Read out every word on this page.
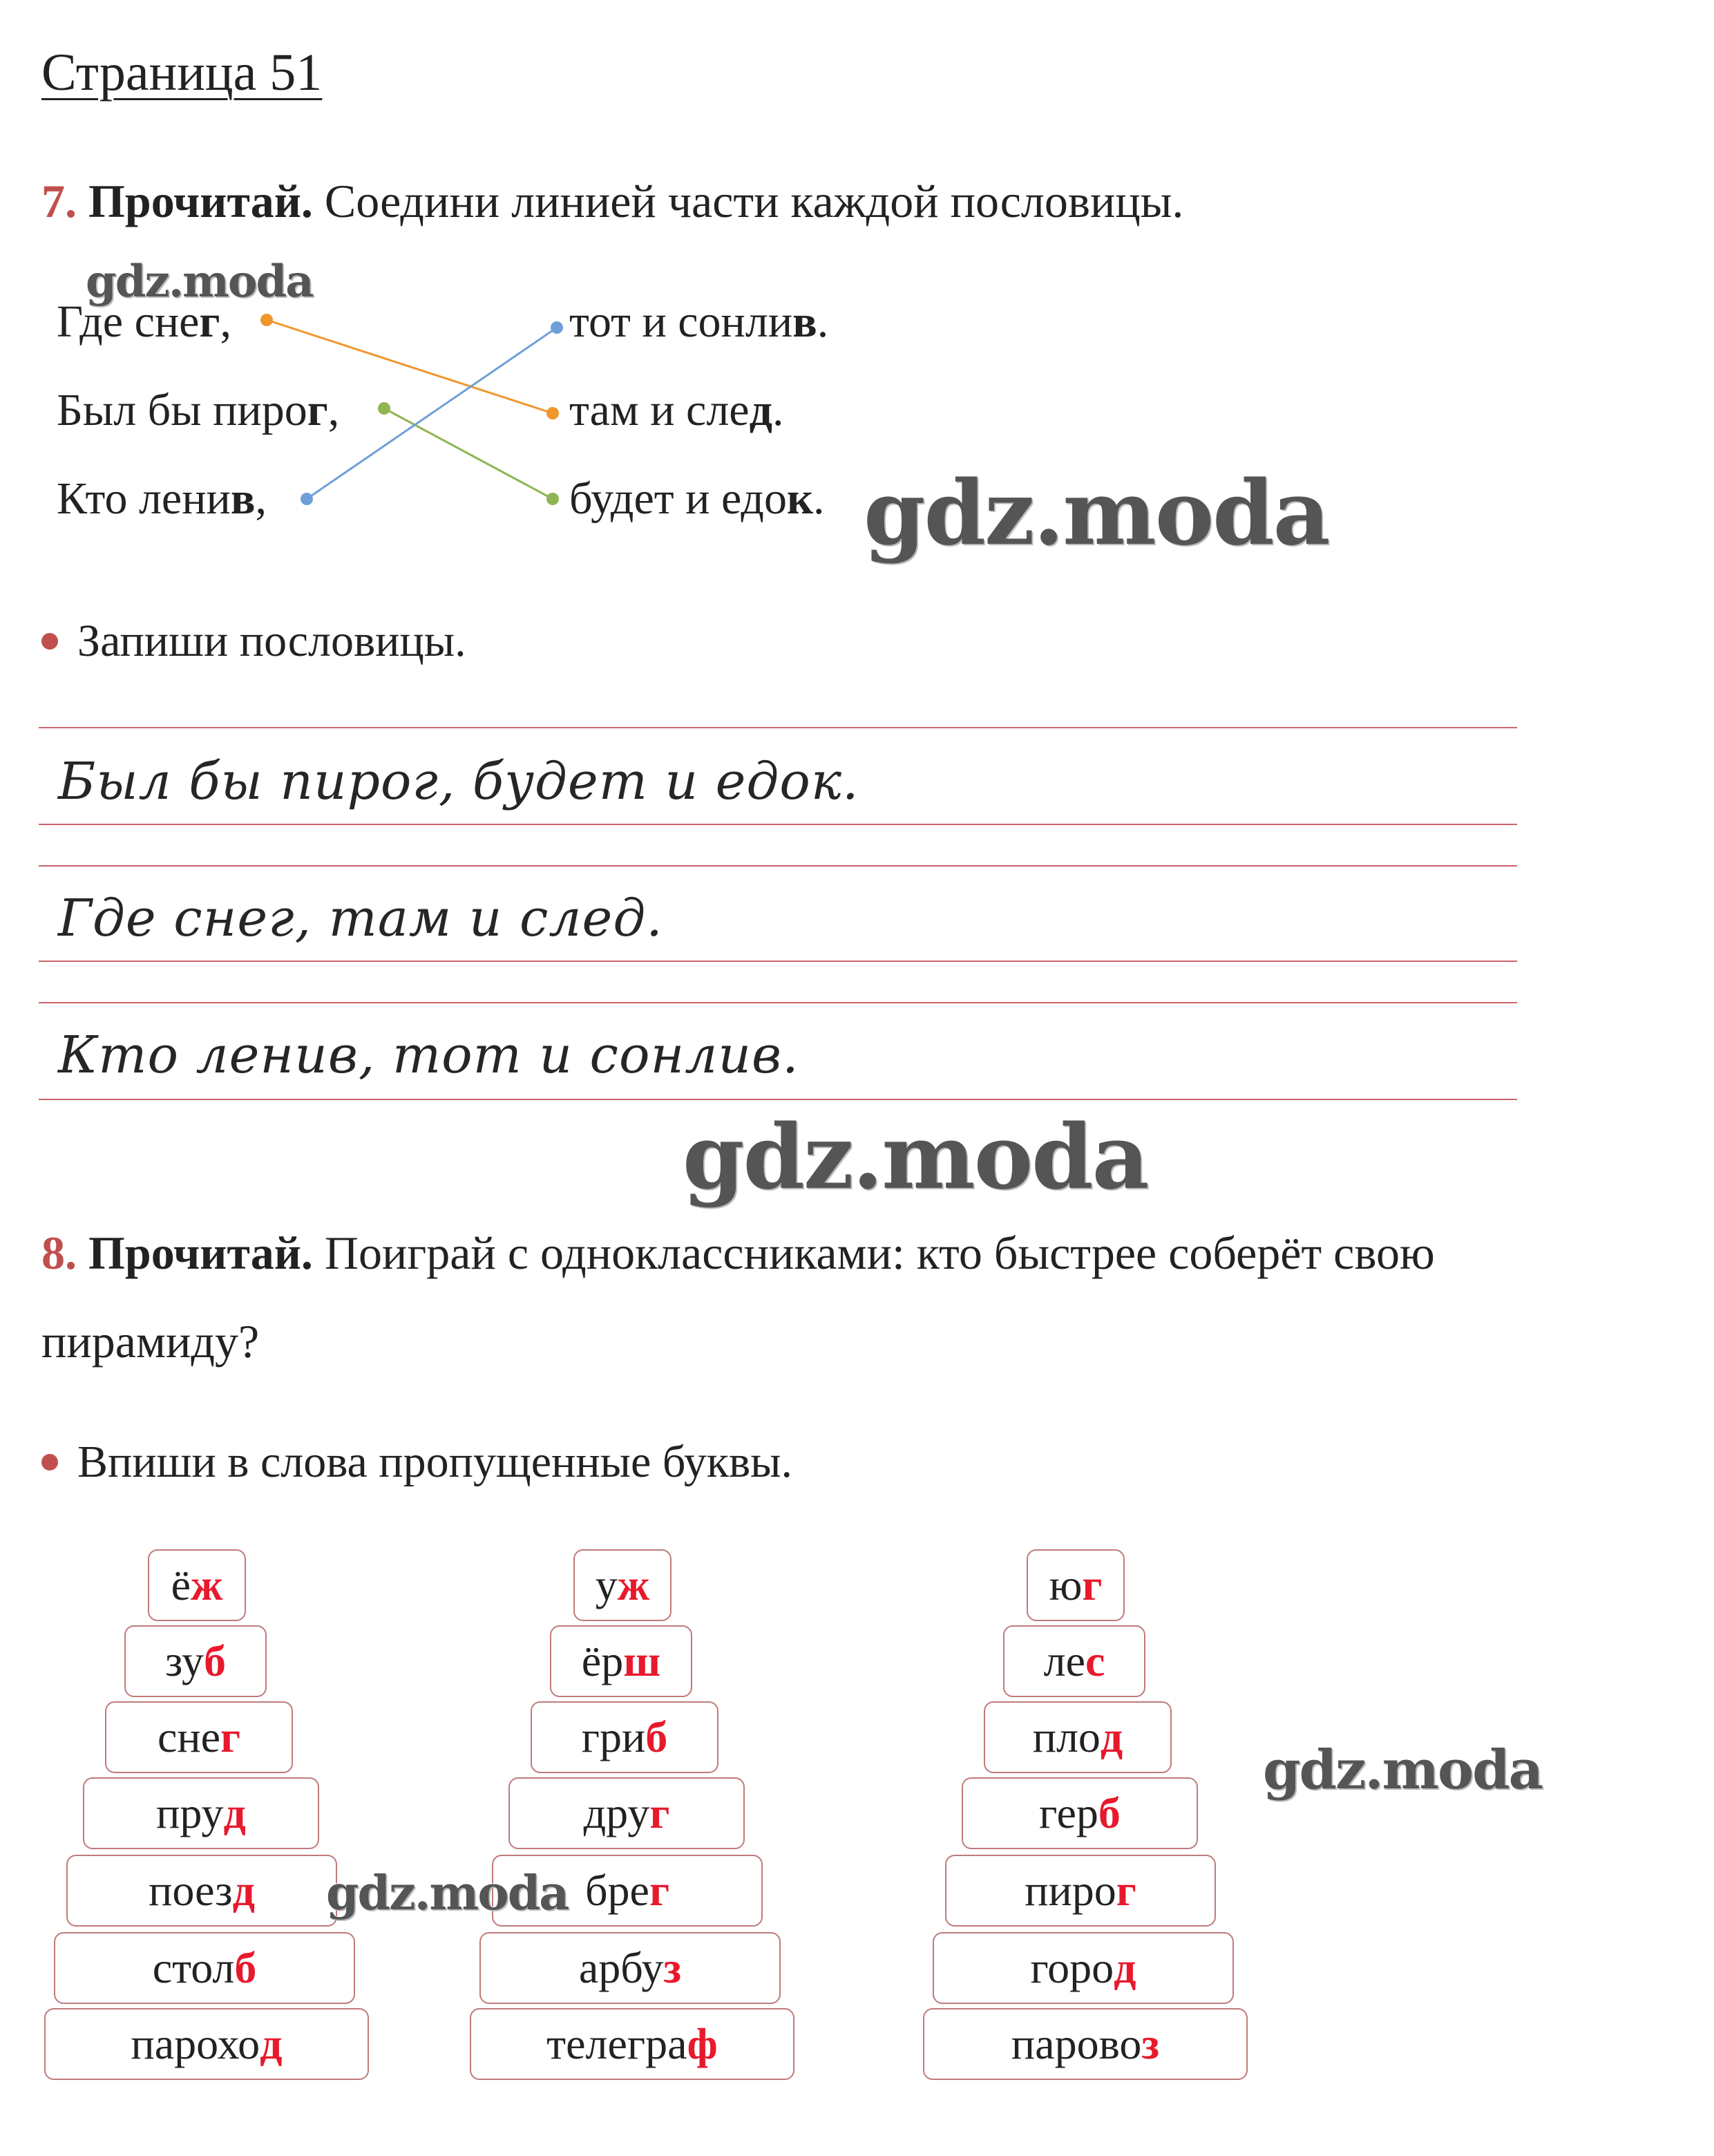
Страница 51
7. Прочитай. Соедини линией части каждой пословицы.
Где снег,
Был бы пирог,
Кто ленив,
тот и сонлив.
там и след.
будет и едок.
Запиши пословицы.
Был бы пирог, будет и едок.
Где снег, там и след.
Кто ленив, тот и сонлив.
8. Прочитай. Поиграй с одноклассниками: кто быстрее соберёт свою
пирамиду?
Впиши в слова пропущенные буквы.
ё ж
зу б
сне г
пру д
поез д
стол б
парохо д
у ж
ёр ш
гри б
дру г
бре г
арбу з
телегра ф
ю г
ле с
пло д
гер б
пиро г
горо д
парово з
gdz.moda
gdz.moda
gdz.moda
gdz.moda
gdz.moda
